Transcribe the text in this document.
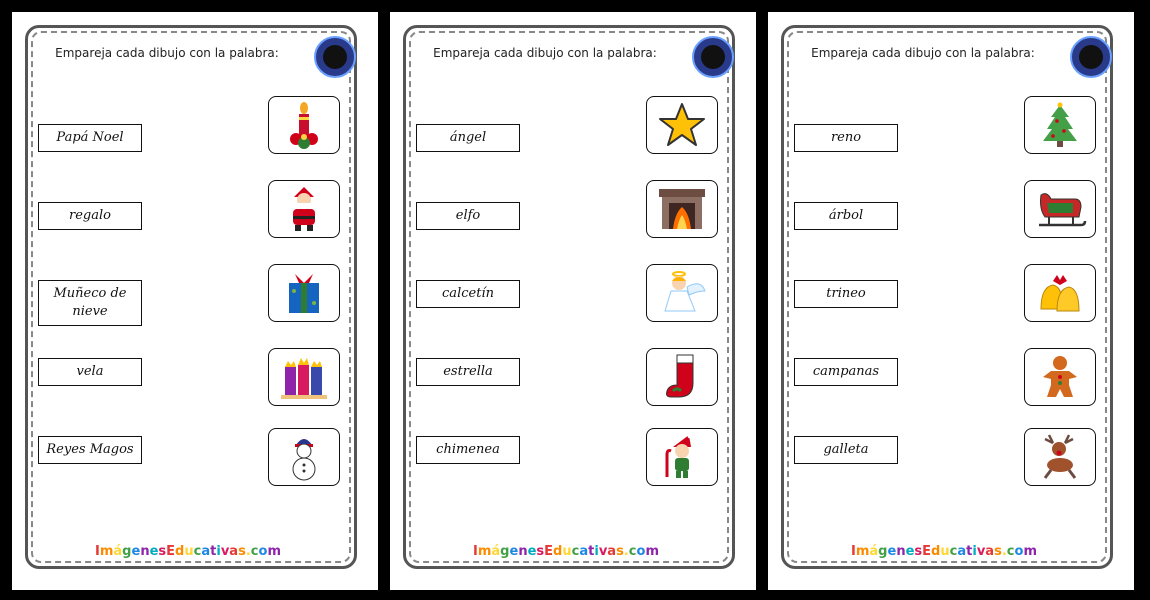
Empareja cada dibujo con la palabra:
Papá Noel
regalo
Muñeco de nieve
vela
Reyes Magos
ImágenesEducativas.com
Empareja cada dibujo con la palabra:
ángel
elfo
calcetín
estrella
chimenea
ImágenesEducativas.com
Empareja cada dibujo con la palabra:
reno
árbol
trineo
campanas
galleta
ImágenesEducativas.com
